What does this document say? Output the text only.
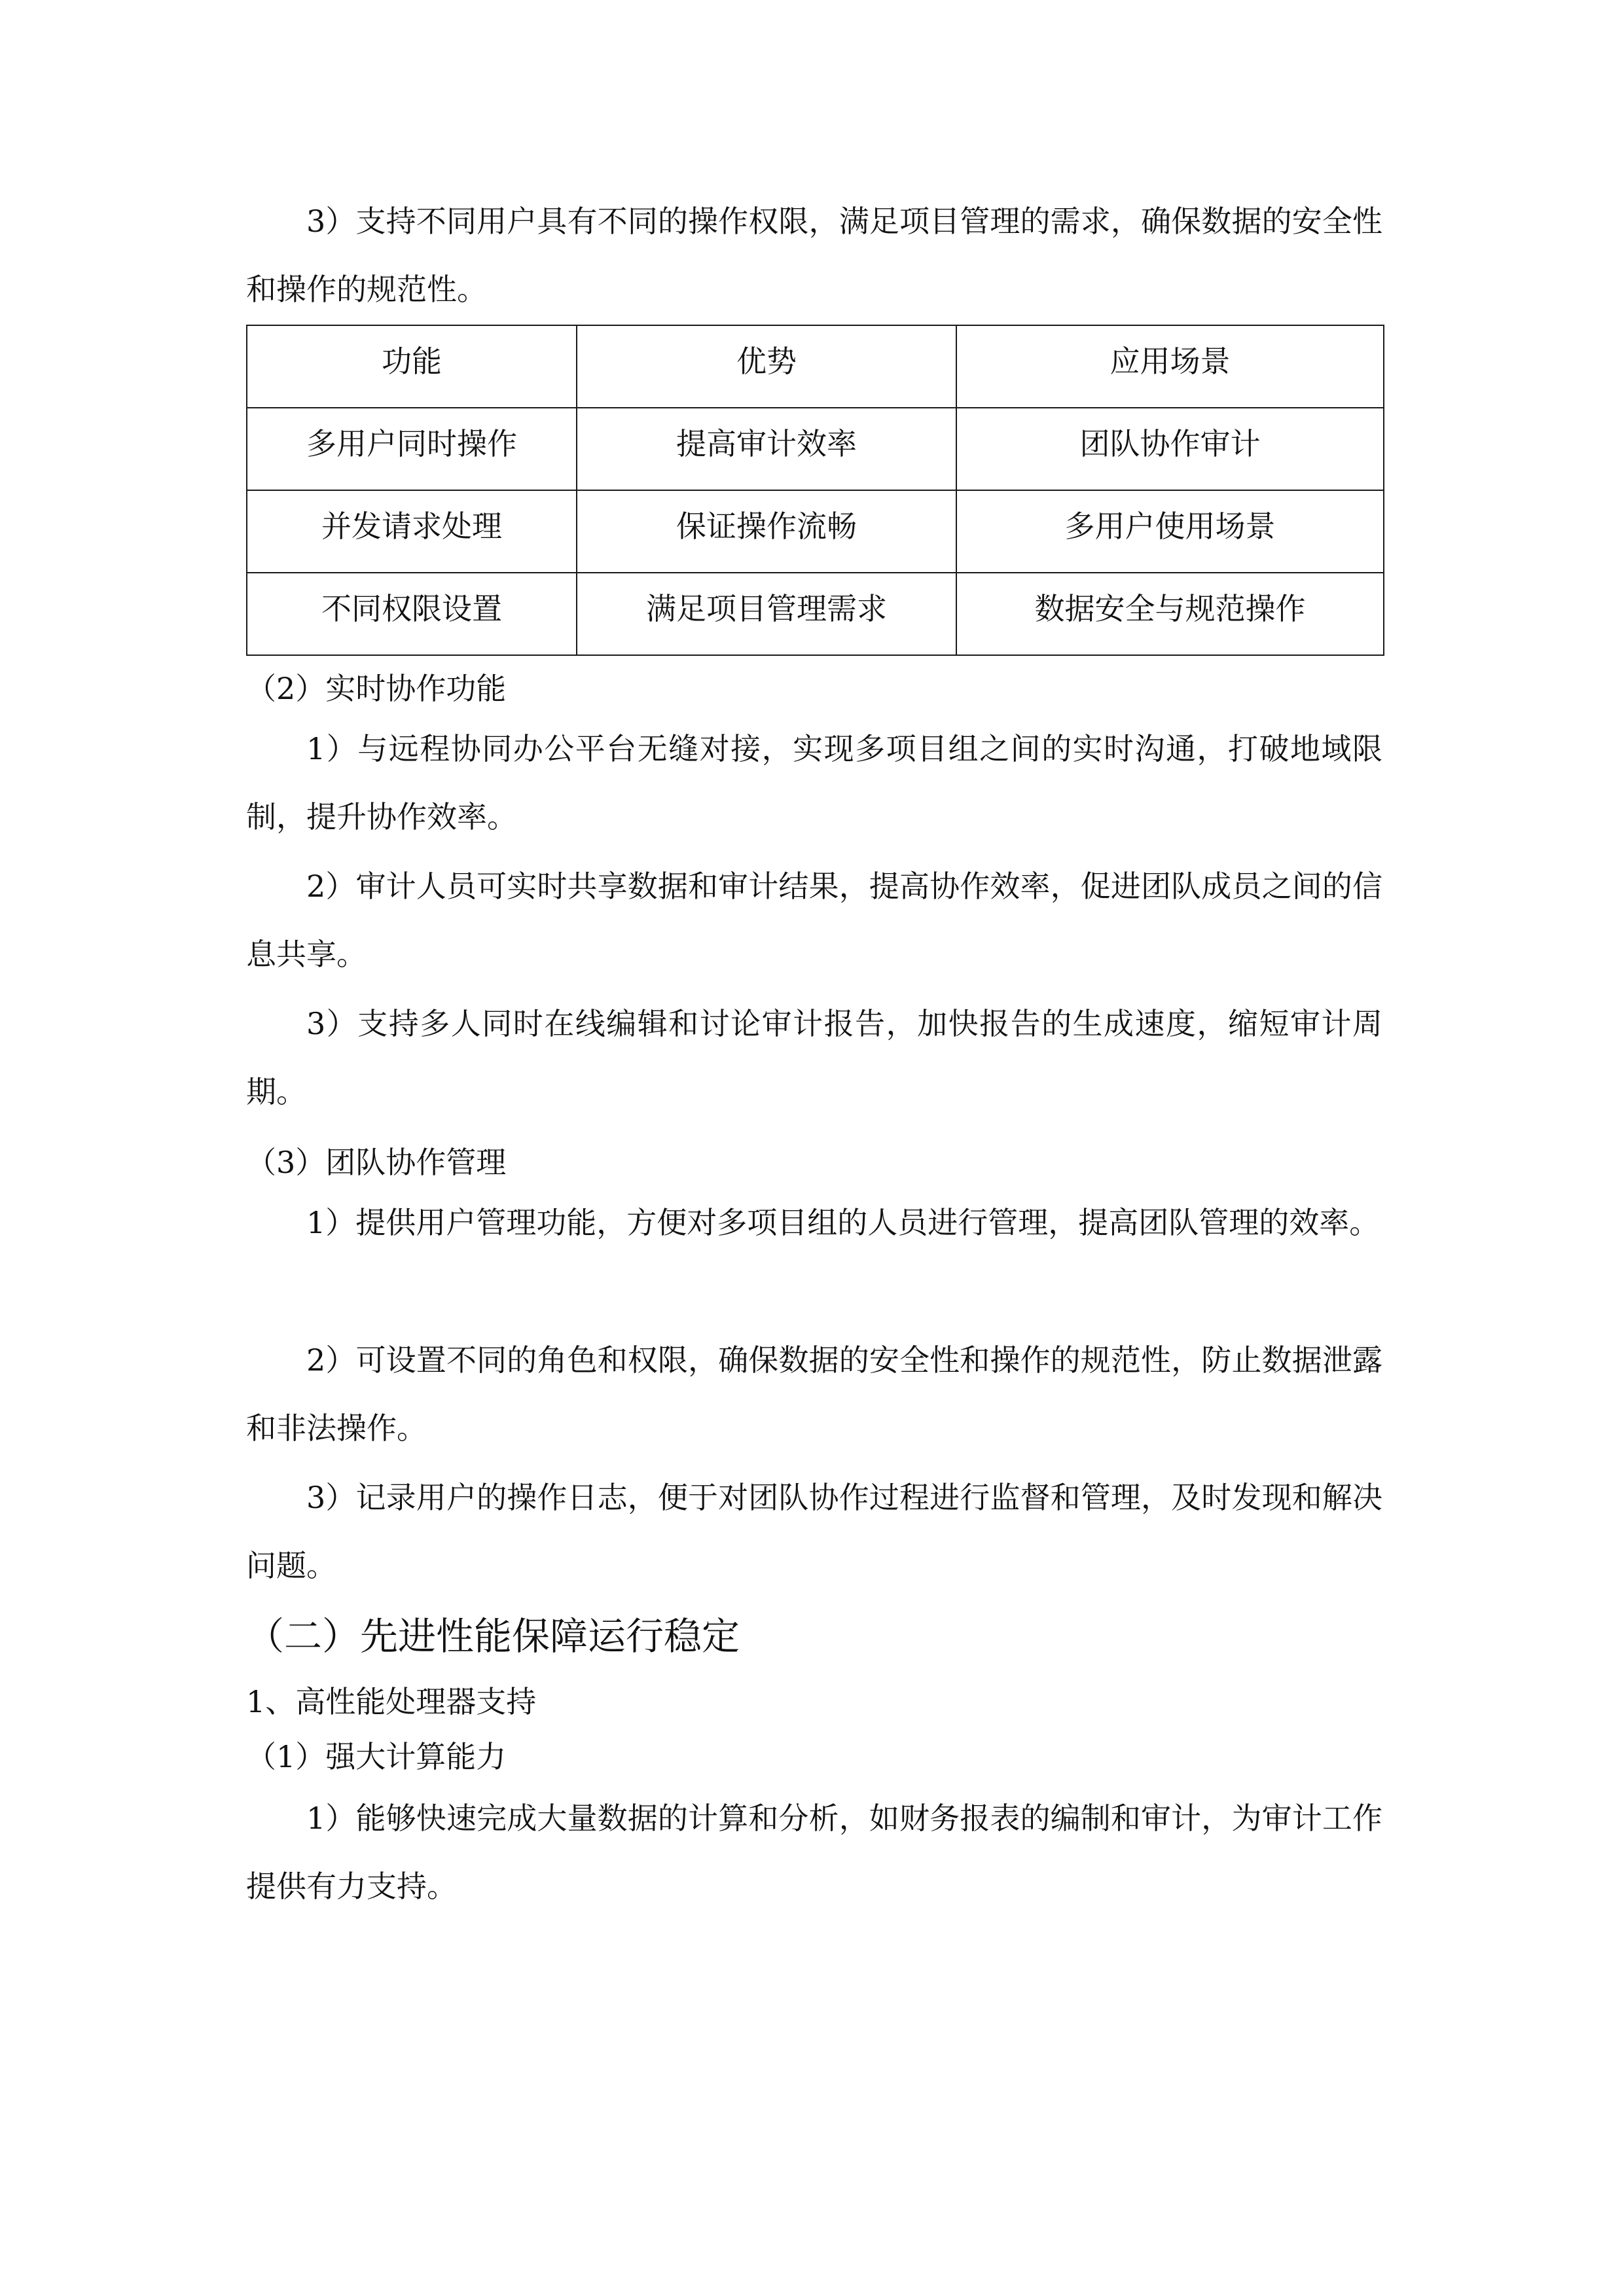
3）支持不同用户具有不同的操作权限，满足项目管理的需求，确保数据的安全性和操作的规范性。

功能	优势	应用场景
多用户同时操作	提高审计效率	团队协作审计
并发请求处理	保证操作流畅	多用户使用场景
不同权限设置	满足项目管理需求	数据安全与规范操作

（2）实时协作功能

1）与远程协同办公平台无缝对接，实现多项目组之间的实时沟通，打破地域限制，提升协作效率。

2）审计人员可实时共享数据和审计结果，提高协作效率，促进团队成员之间的信息共享。

3）支持多人同时在线编辑和讨论审计报告，加快报告的生成速度，缩短审计周期。

（3）团队协作管理

1）提供用户管理功能，方便对多项目组的人员进行管理，提高团队管理的效率。

2）可设置不同的角色和权限，确保数据的安全性和操作的规范性，防止数据泄露和非法操作。

3）记录用户的操作日志，便于对团队协作过程进行监督和管理，及时发现和解决问题。

（二）先进性能保障运行稳定

1、高性能处理器支持

（1）强大计算能力

1）能够快速完成大量数据的计算和分析，如财务报表的编制和审计，为审计工作提供有力支持。
